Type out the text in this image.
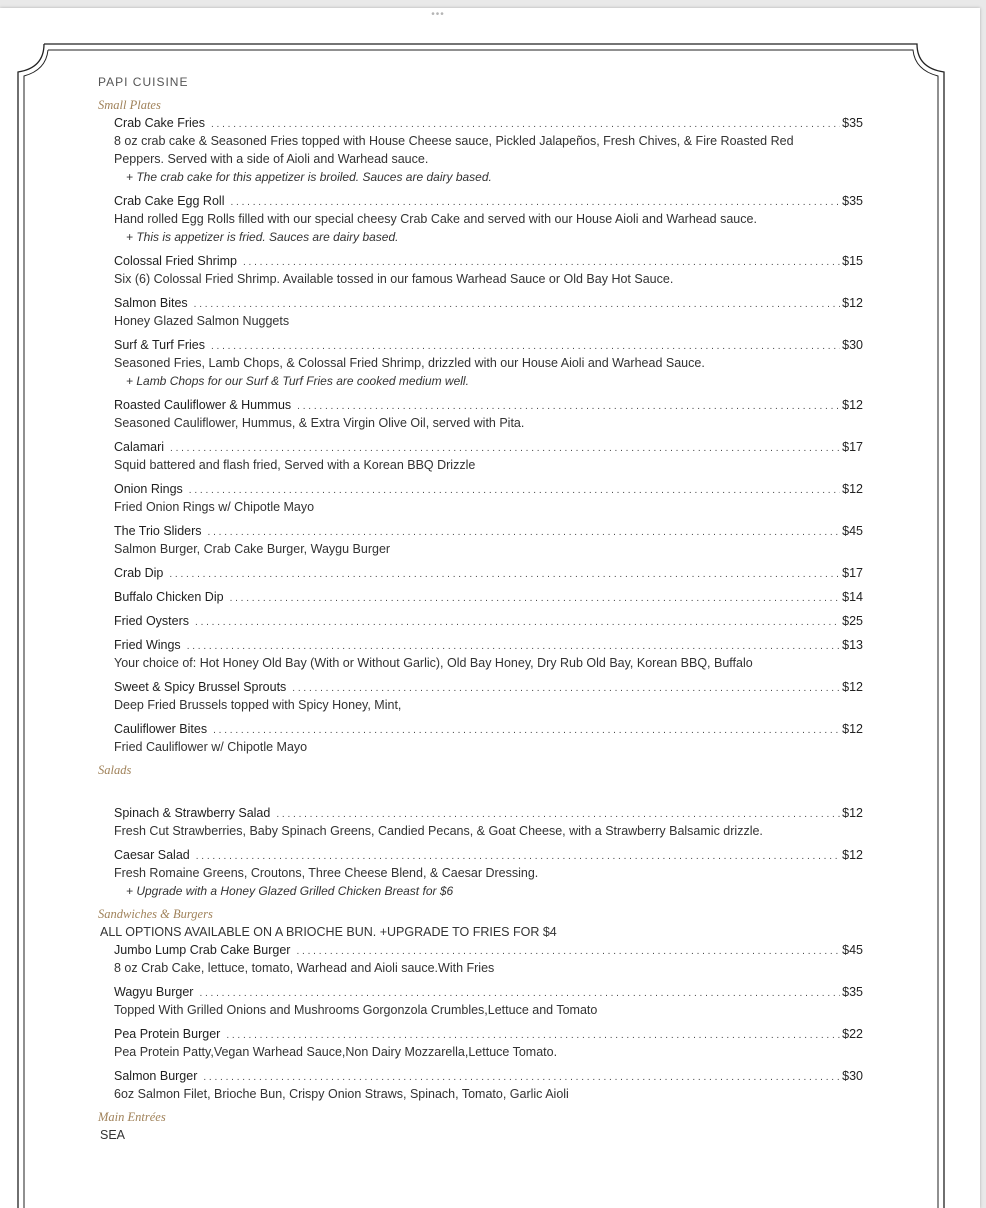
•••
PAPI CUISINE
Small Plates
Crab Cake Fries . . .	$35
8 oz crab cake & Seasoned Fries topped with House Cheese sauce, Pickled Jalapeños, Fresh Chives, & Fire Roasted Red Peppers. Served with a side of Aioli and Warhead sauce.
+ The crab cake for this appetizer is broiled. Sauces are dairy based.
Crab Cake Egg Roll . . .	$35
Hand rolled Egg Rolls filled with our special cheesy Crab Cake and served with our House Aioli and Warhead sauce.
+ This is appetizer is fried. Sauces are dairy based.
Colossal Fried Shrimp . . .	$15
Six (6) Colossal Fried Shrimp. Available tossed in our famous Warhead Sauce or Old Bay Hot Sauce.
Salmon Bites . . .	$12
Honey Glazed Salmon Nuggets
Surf & Turf Fries . . .	$30
Seasoned Fries, Lamb Chops, & Colossal Fried Shrimp, drizzled with our House Aioli and Warhead Sauce.
+ Lamb Chops for our Surf & Turf Fries are cooked medium well.
Roasted Cauliflower & Hummus . . .	$12
Seasoned Cauliflower, Hummus, & Extra Virgin Olive Oil, served with Pita.
Calamari . . .	$17
Squid battered and flash fried, Served with a Korean BBQ Drizzle
Onion Rings . . .	$12
Fried Onion Rings w/ Chipotle Mayo
The Trio Sliders . . .	$45
Salmon Burger, Crab Cake Burger, Waygu Burger
Crab Dip . . .	$17
Buffalo Chicken Dip . . .	$14
Fried Oysters . . .	$25
Fried Wings . . .	$13
Your choice of: Hot Honey Old Bay (With or Without Garlic), Old Bay Honey, Dry Rub Old Bay, Korean BBQ, Buffalo
Sweet & Spicy Brussel Sprouts . . .	$12
Deep Fried Brussels topped with Spicy Honey, Mint,
Cauliflower Bites . . .	$12
Fried Cauliflower w/ Chipotle Mayo
Salads
Spinach & Strawberry Salad . . .	$12
Fresh Cut Strawberries, Baby Spinach Greens, Candied Pecans, & Goat Cheese, with a Strawberry Balsamic drizzle.
Caesar Salad . . .	$12
Fresh Romaine Greens, Croutons, Three Cheese Blend, & Caesar Dressing.
+ Upgrade with a Honey Glazed Grilled Chicken Breast for $6
Sandwiches & Burgers
ALL OPTIONS AVAILABLE ON A BRIOCHE BUN. +UPGRADE TO FRIES FOR $4
Jumbo Lump Crab Cake Burger . . .	$45
8 oz Crab Cake, lettuce, tomato, Warhead and Aioli sauce.With Fries
Wagyu Burger . . .	$35
Topped With Grilled Onions and Mushrooms Gorgonzola Crumbles,Lettuce and Tomato
Pea Protein Burger . . .	$22
Pea Protein Patty,Vegan Warhead Sauce,Non Dairy Mozzarella,Lettuce Tomato.
Salmon Burger . . .	$30
6oz Salmon Filet, Brioche Bun, Crispy Onion Straws, Spinach, Tomato, Garlic Aioli
Main Entrées
SEA
